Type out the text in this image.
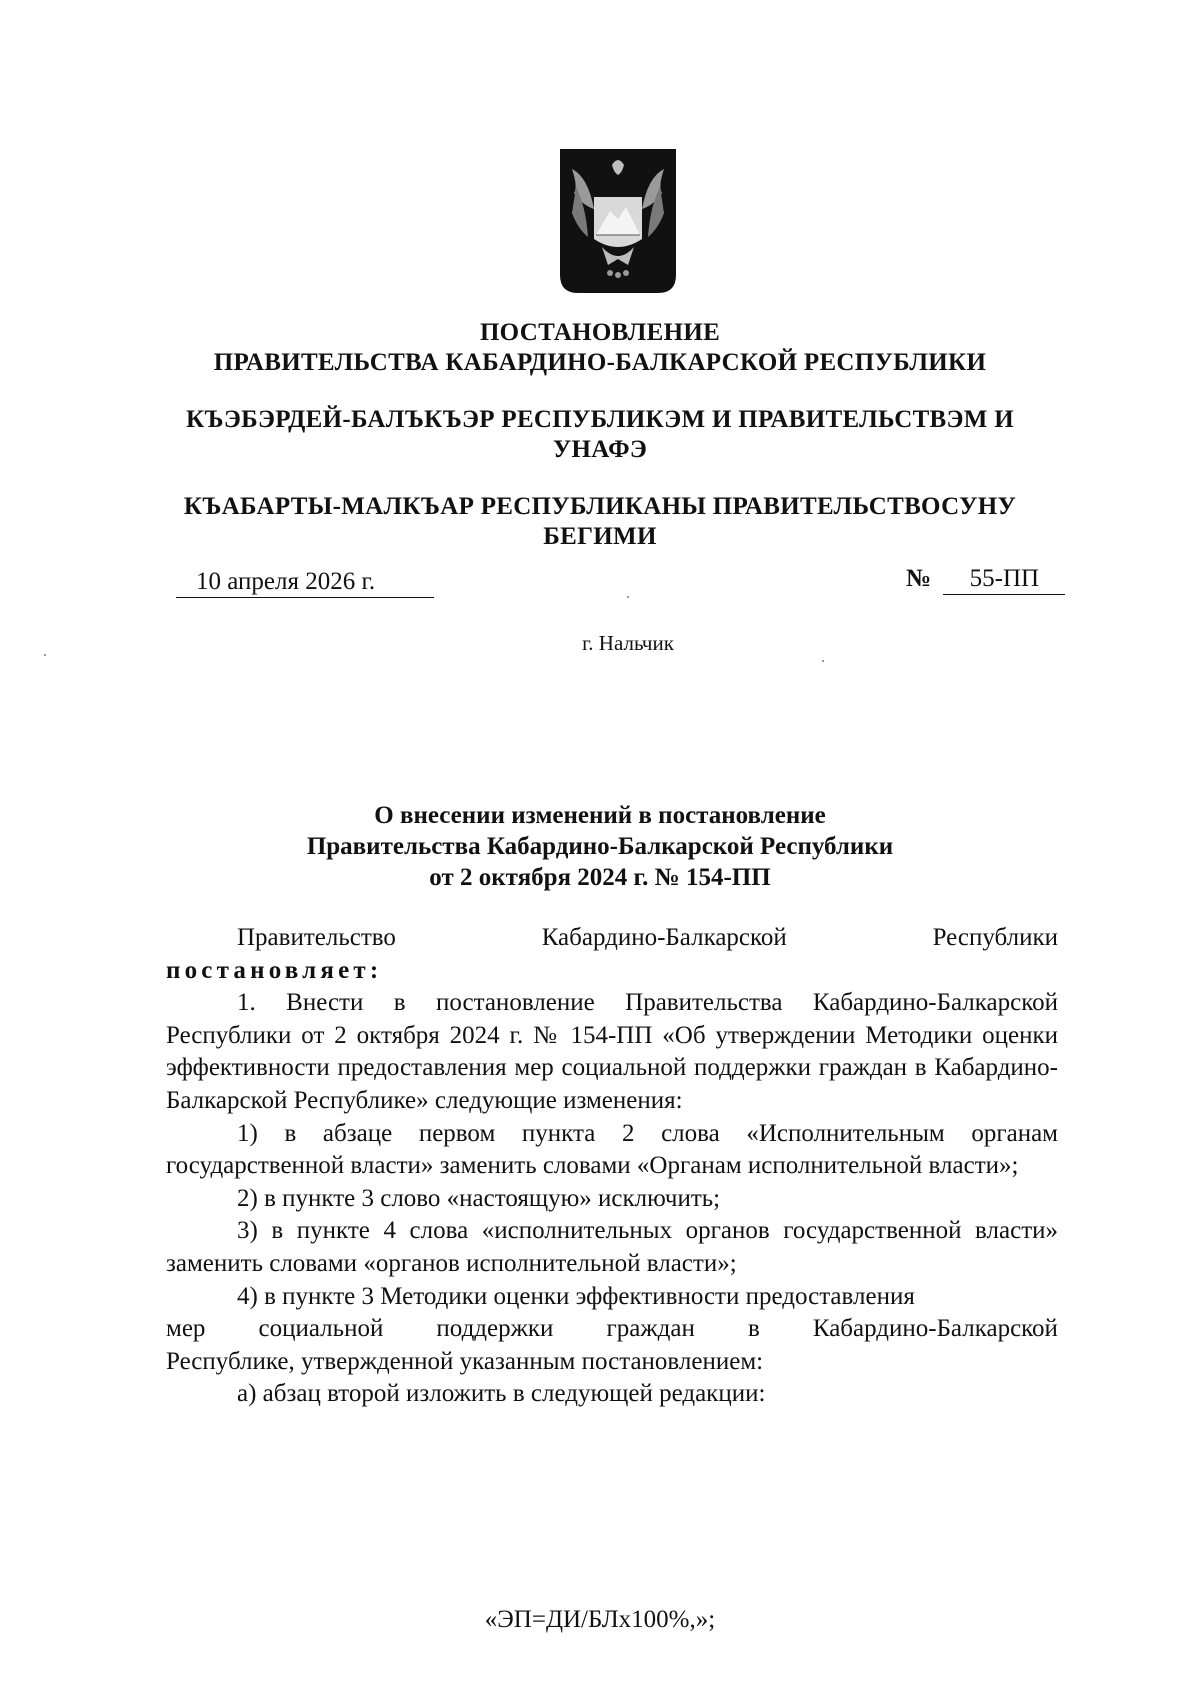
ПОСТАНОВЛЕНИЕ
ПРАВИТЕЛЬСТВА КАБАРДИНО-БАЛКАРСКОЙ РЕСПУБЛИКИ
КЪЭБЭРДЕЙ-БАЛЪКЪЭР РЕСПУБЛИКЭМ И ПРАВИТЕЛЬСТВЭМ И
УНАФЭ
КЪАБАРТЫ-МАЛКЪАР РЕСПУБЛИКАНЫ ПРАВИТЕЛЬСТВОСУНУ
БЕГИМИ
10 апреля 2026 г.	№ 55-ПП
г. Нальчик
О внесении изменений в постановление
Правительства Кабардино-Балкарской Республики
от 2 октября 2024 г. № 154-ПП
Правительство	Кабардино-Балкарской	Республики

постановляет:

1. Внести в постановление Правительства Кабардино-Балкарской Республики от 2 октября 2024 г. № 154-ПП «Об утверждении Методики оценки эффективности предоставления мер социальной поддержки граждан в Кабардино-Балкарской Республике» следующие изменения:

1) в абзаце первом пункта 2 слова «Исполнительным органам государственной власти» заменить словами «Органам исполнительной власти»;

2) в пункте 3 слово «настоящую» исключить;

3) в пункте 4 слова «исполнительных органов государственной власти» заменить словами «органов исполнительной власти»;

4) в пункте 3 Методики оценки эффективности предоставления

мер социальной поддержки граждан в Кабардино-Балкарской

Республике, утвержденной указанным постановлением:

а) абзац второй изложить в следующей редакции:

«ЭП=ДИ/БЛх100%,»;
